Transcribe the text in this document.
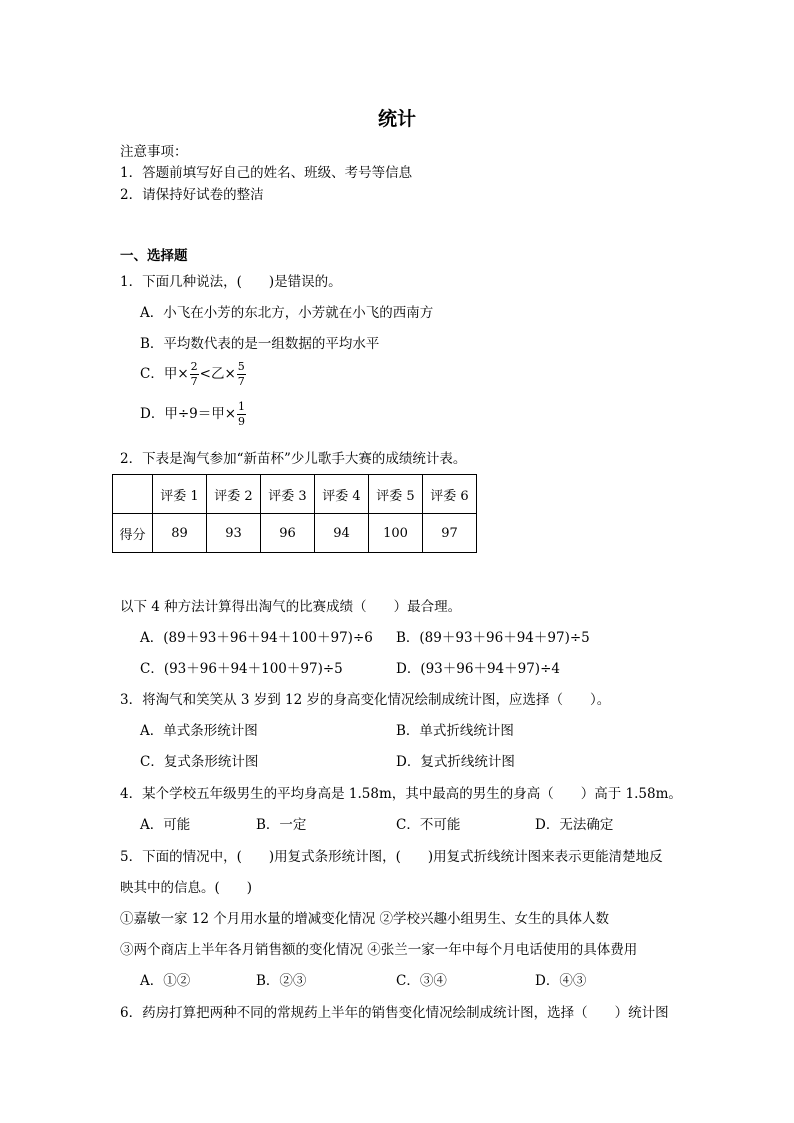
统计
注意事项：
1．答题前填写好自己的姓名、班级、考号等信息
2．请保持好试卷的整洁
一、选择题
1．下面几种说法，(　　)是错误的。
A．小飞在小芳的东北方，小芳就在小飞的西南方
B．平均数代表的是一组数据的平均水平
C．甲× $\frac{2}{7}$ <乙× $\frac{5}{7}$
D．甲÷9＝甲× $\frac{1}{9}$
2．下表是淘气参加“新苗杯”少儿歌手大赛的成绩统计表。
	评委 1	评委 2	评委 3	评委 4	评委 5	评委 6
得分	89	93	96	94	100	97
以下 4 种方法计算得出淘气的比赛成绩（　　）最合理。
A．(89＋93＋96＋94＋100＋97)÷6 B．(89＋93＋96＋94＋97)÷5
C．(93＋96＋94＋100＋97)÷5	D．(93＋96＋94＋97)÷4
3．将淘气和笑笑从 3 岁到 12 岁的身高变化情况绘制成统计图，应选择（　　）。
A．单式条形统计图	B．单式折线统计图
C．复式条形统计图	D．复式折线统计图
4．某个学校五年级男生的平均身高是 1.58m，其中最高的男生的身高（　　）高于 1.58m。
A．可能	B．一定	C．不可能	D．无法确定
5．下面的情况中，(　　)用复式条形统计图，(　　)用复式折线统计图来表示更能清楚地反
映其中的信息。(　　)
①嘉敏一家 12 个月用水量的增减变化情况 ②学校兴趣小组男生、女生的具体人数
③两个商店上半年各月销售额的变化情况 ④张兰一家一年中每个月电话使用的具体费用
A．①②	B．②③	C．③④	D．④③
6．药房打算把两种不同的常规药上半年的销售变化情况绘制成统计图，选择（　　）统计图
